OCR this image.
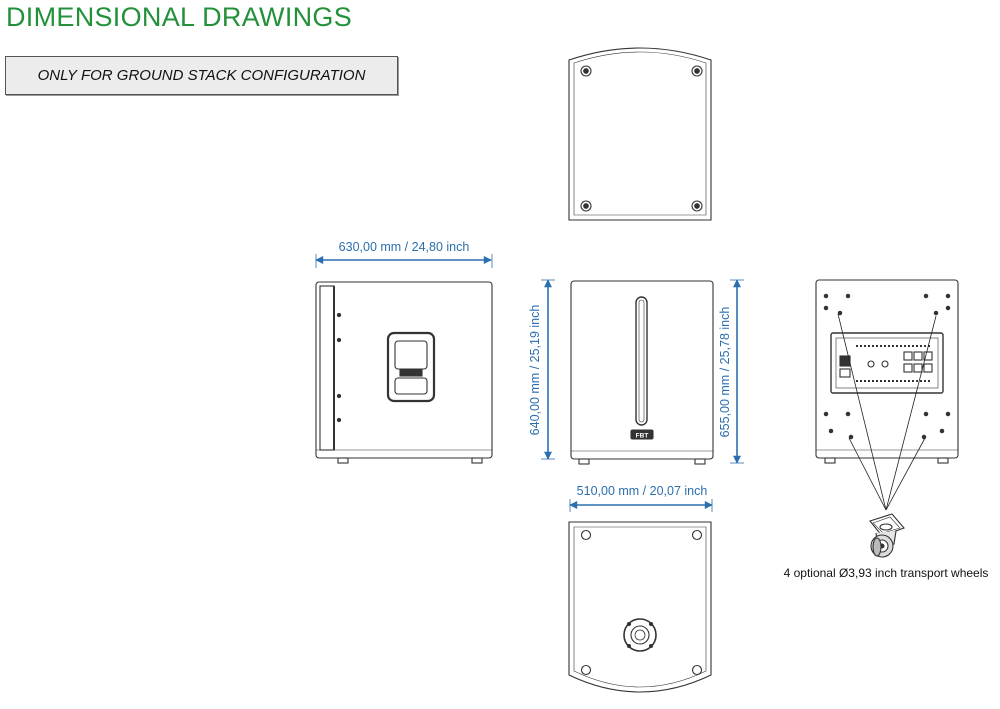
DIMENSIONAL DRAWINGS
ONLY FOR GROUND STACK CONFIGURATION
FBT
4 optional Ø3,93 inch transport wheels
630,00 mm / 24,80 inch
640,00 mm / 25,19 inch	655,00 mm / 25,78 inch
510,00 mm / 20,07 inch
